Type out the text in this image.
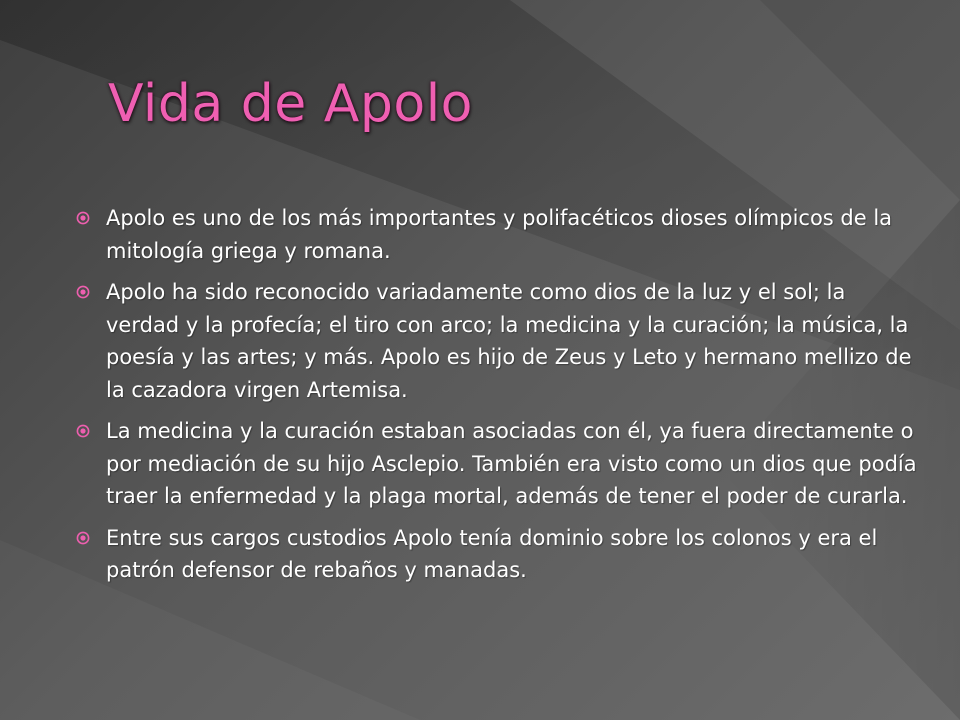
Vida de Apolo
Apolo es uno de los más importantes y polifacéticos dioses olímpicos de la mitología griega y romana.
Apolo ha sido reconocido variadamente como dios de la luz y el sol; la verdad y la profecía; el tiro con arco; la medicina y la curación; la música, la poesía y las artes; y más. Apolo es hijo de Zeus y Leto y hermano mellizo de la cazadora virgen Artemisa.
La medicina y la curación estaban asociadas con él, ya fuera directamente o por mediación de su hijo Asclepio. También era visto como un dios que podía traer la enfermedad y la plaga mortal, además de tener el poder de curarla.
Entre sus cargos custodios Apolo tenía dominio sobre los colonos y era el patrón defensor de rebaños y manadas.
